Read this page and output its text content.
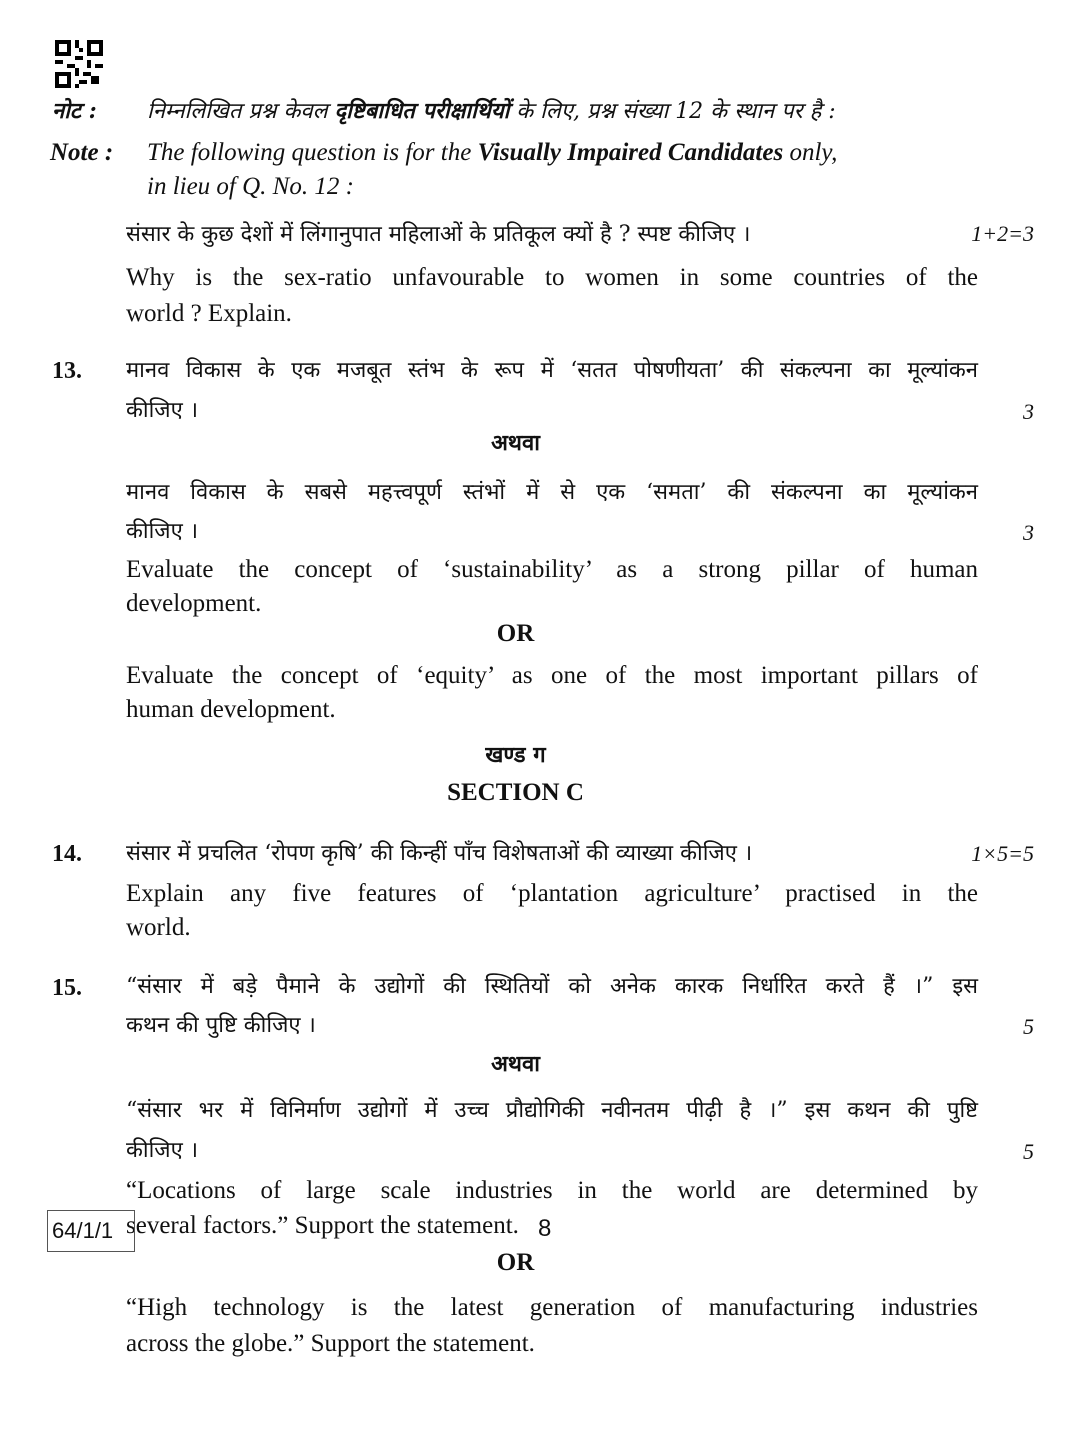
नोट : निम्नलिखित प्रश्न केवल दृष्टिबाधित परीक्षार्थियों के लिए, प्रश्न संख्या 12 के स्थान पर है :
Note : The following question is for the Visually Impaired Candidates only,
in lieu of Q. No. 12 :
संसार के कुछ देशों में लिंगानुपात महिलाओं के प्रतिकूल क्यों है ? स्पष्ट कीजिए ।	1+2=3
Why is the sex-ratio unfavourable to women in some countries of the
world ? Explain.
13. मानव विकास के एक मजबूत स्तंभ के रूप में ‘सतत पोषणीयता’ की संकल्पना का मूल्यांकन
कीजिए ।	3
अथवा
मानव विकास के सबसे महत्त्वपूर्ण स्तंभों में से एक ‘समता’ की संकल्पना का मूल्यांकन
कीजिए ।	3
Evaluate the concept of ‘sustainability’ as a strong pillar of human
development.
OR
Evaluate the concept of ‘equity’ as one of the most important pillars of
human development.
खण्ड ग
SECTION C
14. संसार में प्रचलित ‘रोपण कृषि’ की किन्हीं पाँच विशेषताओं की व्याख्या कीजिए ।	1×5=5
Explain any five features of ‘plantation agriculture’ practised in the
world.
15. “संसार में बड़े पैमाने के उद्योगों की स्थितियों को अनेक कारक निर्धारित करते हैं ।” इस
कथन की पुष्टि कीजिए ।	5
अथवा
“संसार भर में विनिर्माण उद्योगों में उच्च प्रौद्योगिकी नवीनतम पीढ़ी है ।” इस कथन की पुष्टि
कीजिए ।	5
“Locations of large scale industries in the world are determined by
several factors.” Support the statement.
OR
“High technology is the latest generation of manufacturing industries
across the globe.” Support the statement.
64/1/1	8
